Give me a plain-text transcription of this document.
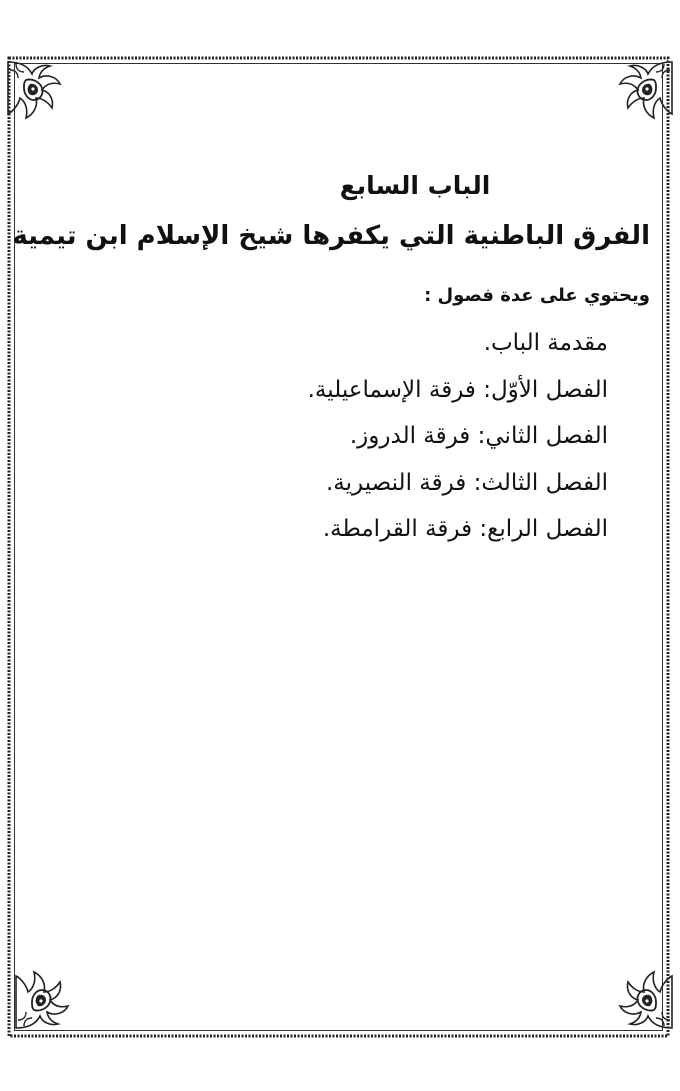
الباب السابع
الفرق الباطنية التي يكفرها شيخ الإسلام ابن تيمية
ويحتوي على عدة فصول :
مقدمة الباب.
الفصل الأوّل: فرقة الإسماعيلية.
الفصل الثاني: فرقة الدروز.
الفصل الثالث: فرقة النصيرية.
الفصل الرابع: فرقة القرامطة.
